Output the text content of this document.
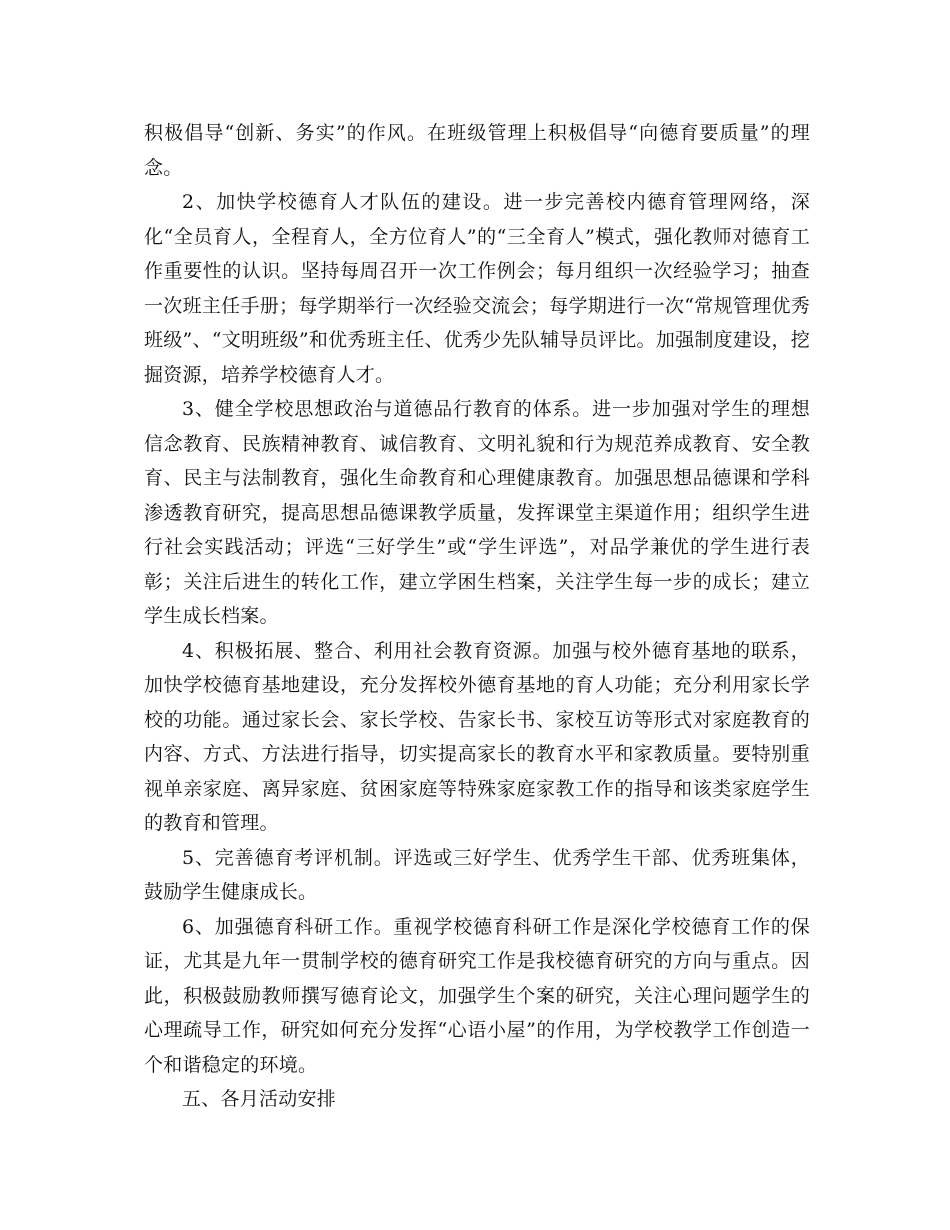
积极倡导“创新、务实”的作风。在班级管理上积极倡导“向德育要质量”的理念。

2、加快学校德育人才队伍的建设。进一步完善校内德育管理网络，深化“全员育人，全程育人，全方位育人”的“三全育人”模式，强化教师对德育工作重要性的认识。坚持每周召开一次工作例会；每月组织一次经验学习；抽查一次班主任手册；每学期举行一次经验交流会；每学期进行一次“常规管理优秀班级”、“文明班级”和优秀班主任、优秀少先队辅导员评比。加强制度建设，挖掘资源，培养学校德育人才。

3、健全学校思想政治与道德品行教育的体系。进一步加强对学生的理想信念教育、民族精神教育、诚信教育、文明礼貌和行为规范养成教育、安全教育、民主与法制教育，强化生命教育和心理健康教育。加强思想品德课和学科渗透教育研究，提高思想品德课教学质量，发挥课堂主渠道作用；组织学生进行社会实践活动；评选“三好学生”或“学生评选”，对品学兼优的学生进行表彰；关注后进生的转化工作，建立学困生档案，关注学生每一步的成长；建立学生成长档案。

4、积极拓展、整合、利用社会教育资源。加强与校外德育基地的联系，加快学校德育基地建设，充分发挥校外德育基地的育人功能；充分利用家长学校的功能。通过家长会、家长学校、告家长书、家校互访等形式对家庭教育的内容、方式、方法进行指导，切实提高家长的教育水平和家教质量。要特别重视单亲家庭、离异家庭、贫困家庭等特殊家庭家教工作的指导和该类家庭学生的教育和管理。

5、完善德育考评机制。评选或三好学生、优秀学生干部、优秀班集体，鼓励学生健康成长。

6、加强德育科研工作。重视学校德育科研工作是深化学校德育工作的保证，尤其是九年一贯制学校的德育研究工作是我校德育研究的方向与重点。因此，积极鼓励教师撰写德育论文，加强学生个案的研究，关注心理问题学生的心理疏导工作，研究如何充分发挥“心语小屋”的作用，为学校教学工作创造一个和谐稳定的环境。

五、各月活动安排
